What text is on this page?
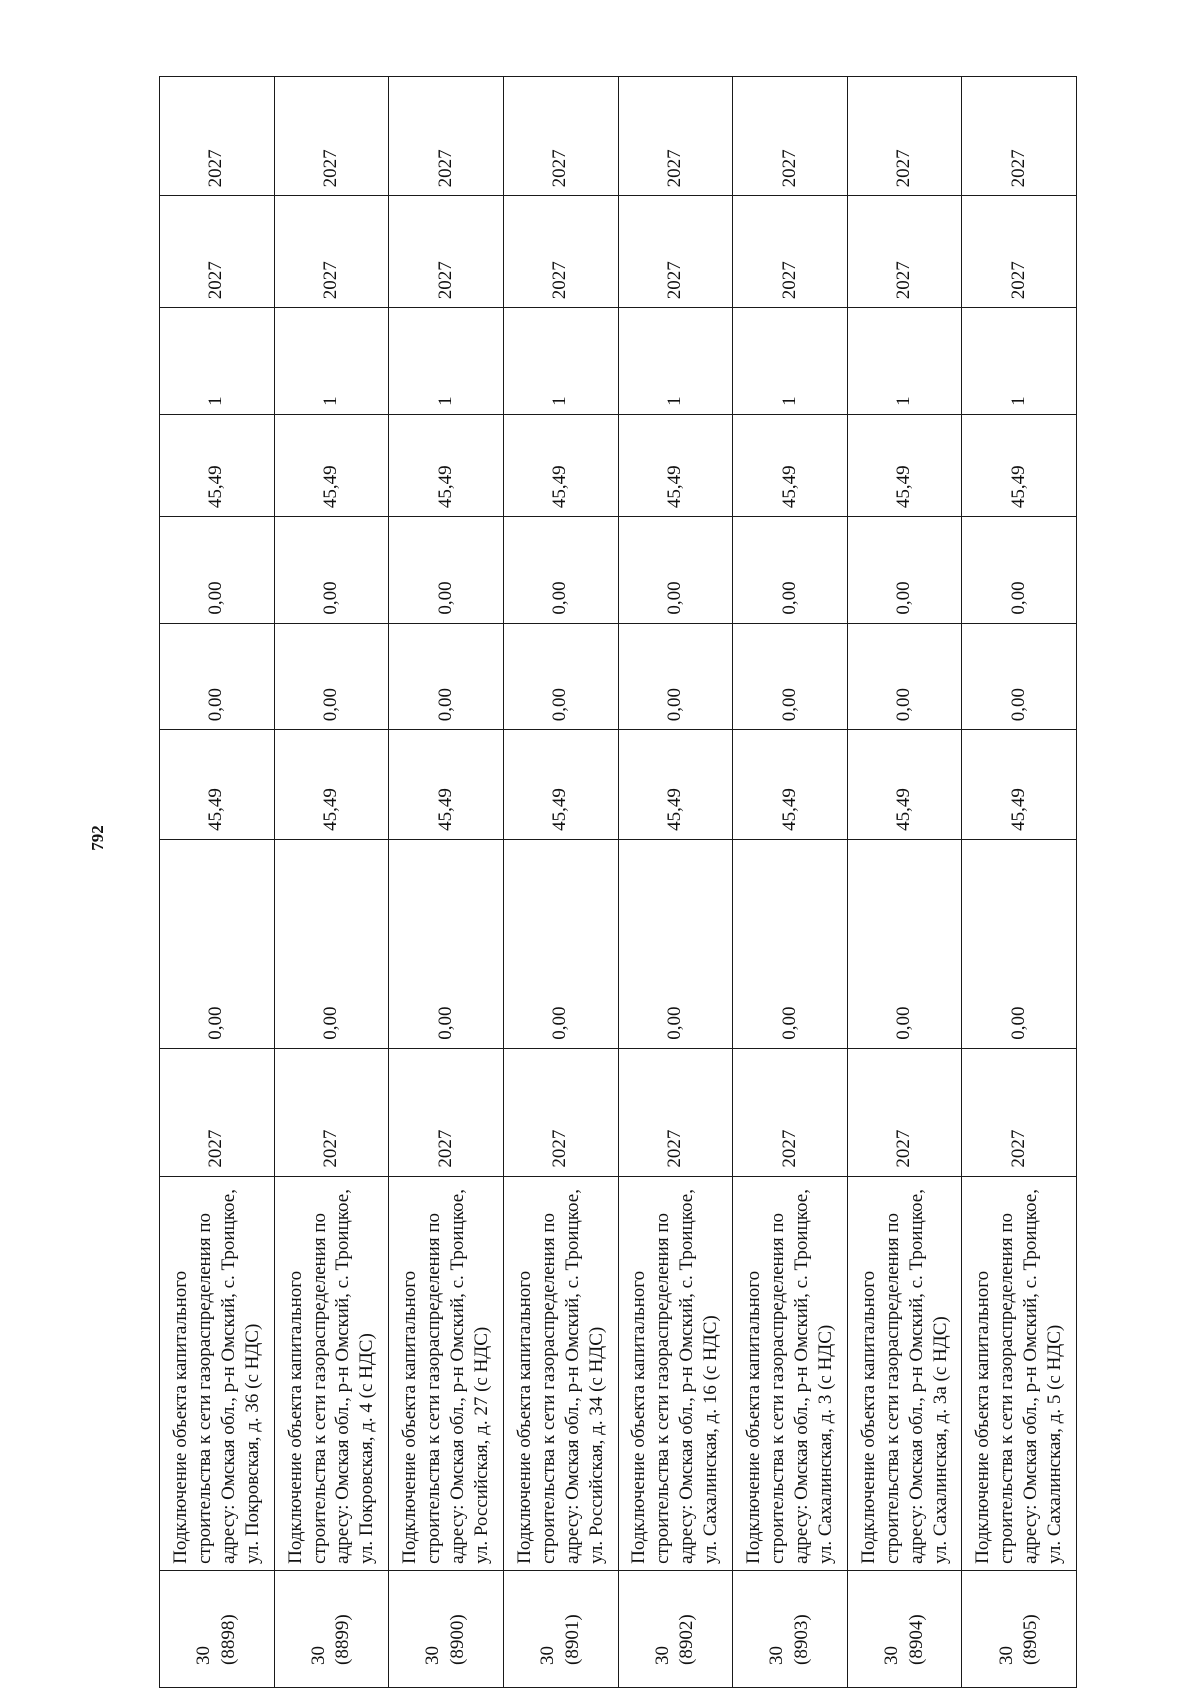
792
30
(8898)	Подключение объекта капитального строительства к сети газораспределения по адресу: Омская обл., р-н Омский, с. Троицкое, ул. Покровская, д. 36 (с НДС)	2027	0,00	45,49	0,00	0,00	45,49	1	2027	2027
30
(8899)	Подключение объекта капитального строительства к сети газораспределения по адресу: Омская обл., р-н Омский, с. Троицкое, ул. Покровская, д. 4 (с НДС)	2027	0,00	45,49	0,00	0,00	45,49	1	2027	2027
30
(8900)	Подключение объекта капитального строительства к сети газораспределения по адресу: Омская обл., р-н Омский, с. Троицкое, ул. Российская, д. 27 (с НДС)	2027	0,00	45,49	0,00	0,00	45,49	1	2027	2027
30
(8901)	Подключение объекта капитального строительства к сети газораспределения по адресу: Омская обл., р-н Омский, с. Троицкое, ул. Российская, д. 34 (с НДС)	2027	0,00	45,49	0,00	0,00	45,49	1	2027	2027
30
(8902)	Подключение объекта капитального строительства к сети газораспределения по адресу: Омская обл., р-н Омский, с. Троицкое, ул. Сахалинская, д. 16 (с НДС)	2027	0,00	45,49	0,00	0,00	45,49	1	2027	2027
30
(8903)	Подключение объекта капитального строительства к сети газораспределения по адресу: Омская обл., р-н Омский, с. Троицкое, ул. Сахалинская, д. 3 (с НДС)	2027	0,00	45,49	0,00	0,00	45,49	1	2027	2027
30
(8904)	Подключение объекта капитального строительства к сети газораспределения по адресу: Омская обл., р-н Омский, с. Троицкое, ул. Сахалинская, д. 3а (с НДС)	2027	0,00	45,49	0,00	0,00	45,49	1	2027	2027
30
(8905)	Подключение объекта капитального строительства к сети газораспределения по адресу: Омская обл., р-н Омский, с. Троицкое, ул. Сахалинская, д. 5 (с НДС)	2027	0,00	45,49	0,00	0,00	45,49	1	2027	2027
